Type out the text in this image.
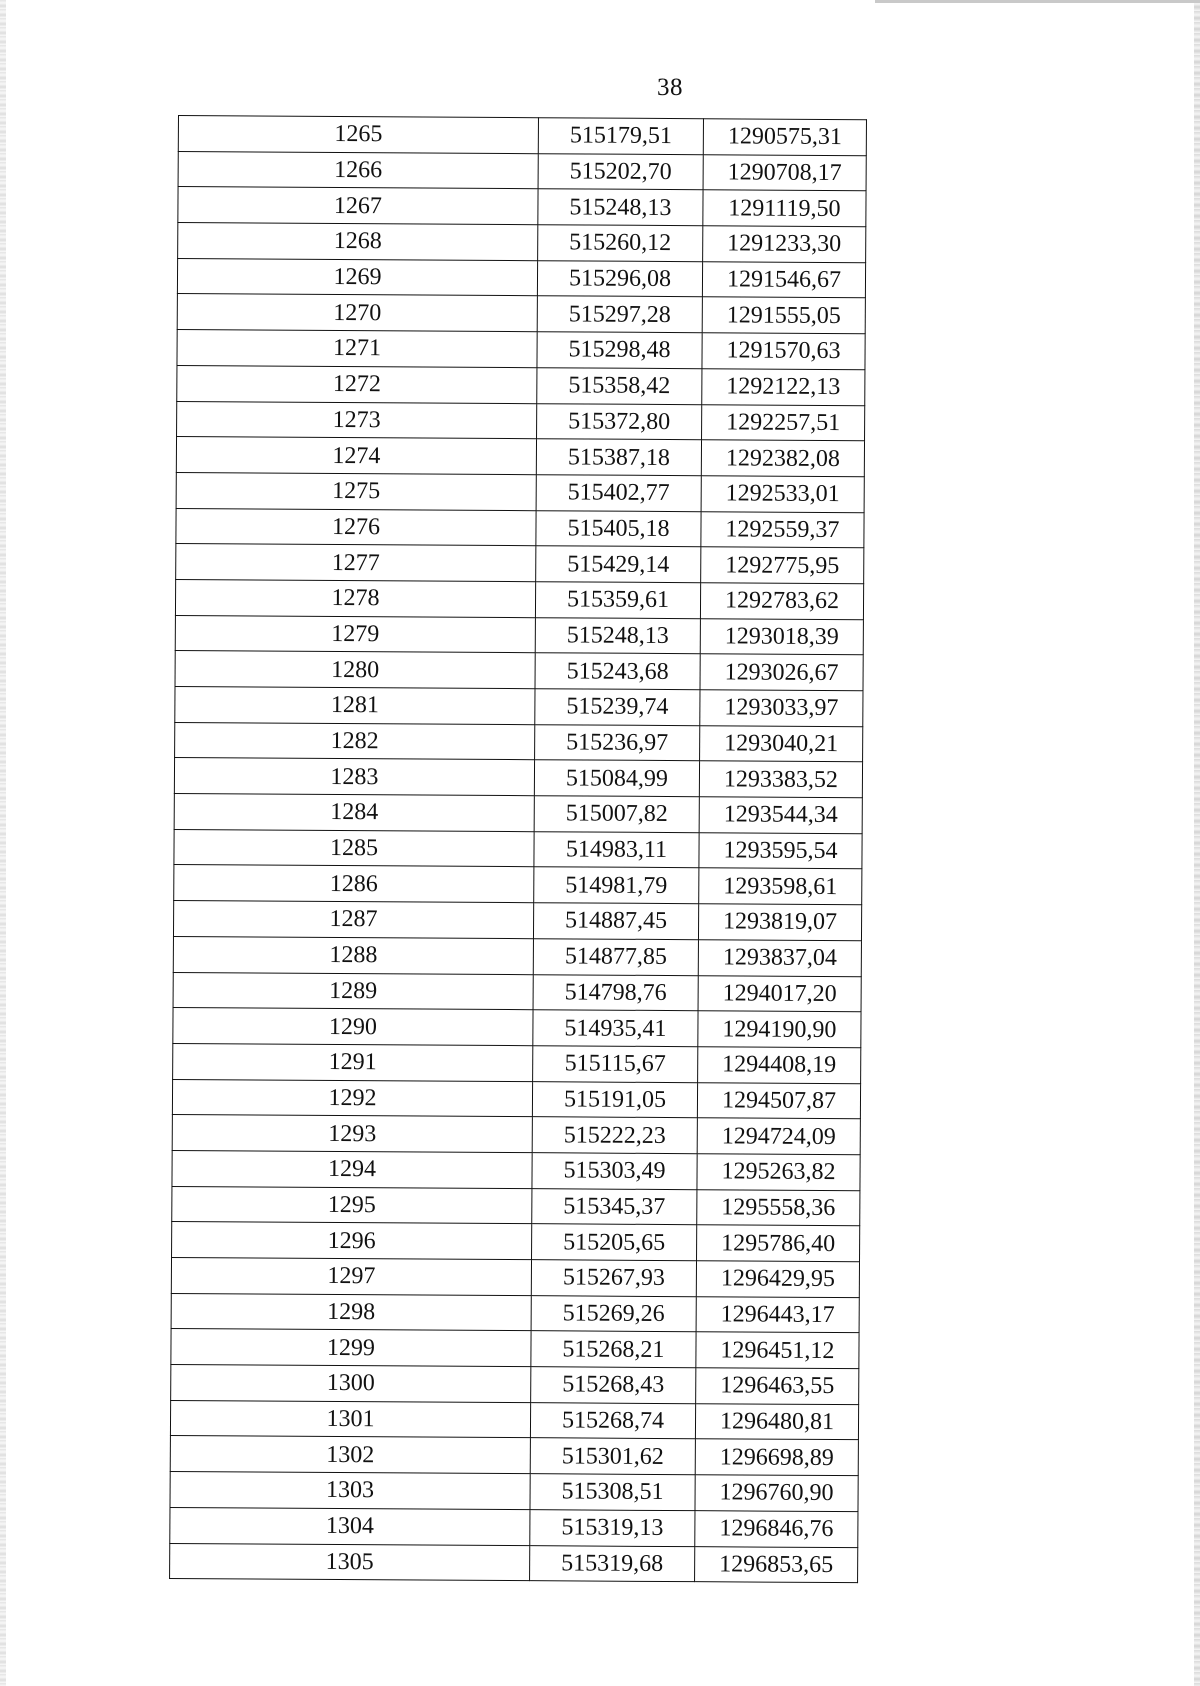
38
1265	515179,51	1290575,31
1266	515202,70	1290708,17
1267	515248,13	1291119,50
1268	515260,12	1291233,30
1269	515296,08	1291546,67
1270	515297,28	1291555,05
1271	515298,48	1291570,63
1272	515358,42	1292122,13
1273	515372,80	1292257,51
1274	515387,18	1292382,08
1275	515402,77	1292533,01
1276	515405,18	1292559,37
1277	515429,14	1292775,95
1278	515359,61	1292783,62
1279	515248,13	1293018,39
1280	515243,68	1293026,67
1281	515239,74	1293033,97
1282	515236,97	1293040,21
1283	515084,99	1293383,52
1284	515007,82	1293544,34
1285	514983,11	1293595,54
1286	514981,79	1293598,61
1287	514887,45	1293819,07
1288	514877,85	1293837,04
1289	514798,76	1294017,20
1290	514935,41	1294190,90
1291	515115,67	1294408,19
1292	515191,05	1294507,87
1293	515222,23	1294724,09
1294	515303,49	1295263,82
1295	515345,37	1295558,36
1296	515205,65	1295786,40
1297	515267,93	1296429,95
1298	515269,26	1296443,17
1299	515268,21	1296451,12
1300	515268,43	1296463,55
1301	515268,74	1296480,81
1302	515301,62	1296698,89
1303	515308,51	1296760,90
1304	515319,13	1296846,76
1305	515319,68	1296853,65
